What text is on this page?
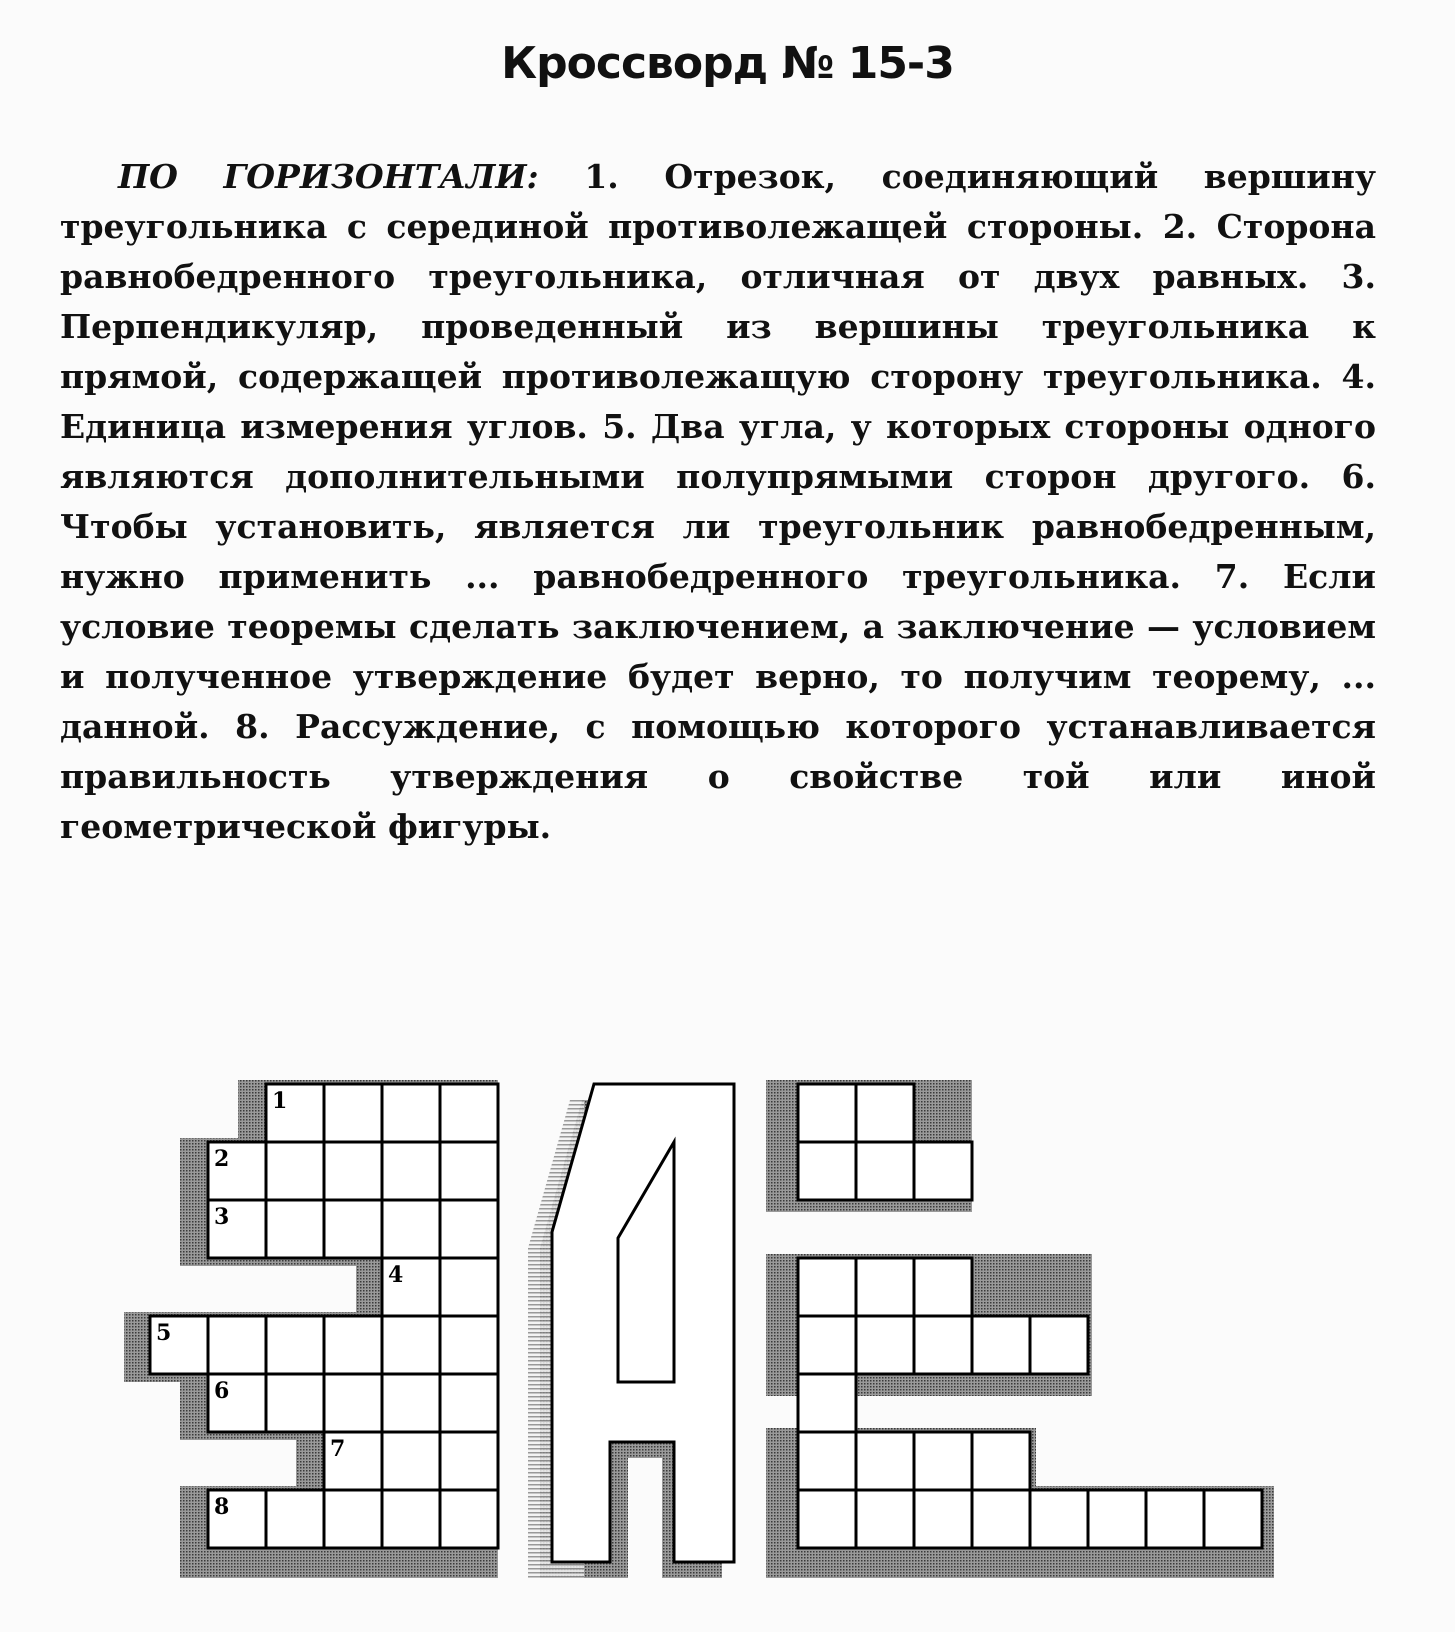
Кроссворд № 15-3
ПО ГОРИЗОНТАЛИ: 1. Отрезок, соединяющий вершину треугольника с серединой противолежащей стороны. 2. Сторона равнобедренного треугольника, отличная от двух равных. 3. Перпендикуляр, проведенный из вершины треугольника к прямой, содержащей противолежащую сторону треугольника. 4. Единица измерения углов. 5. Два угла, у которых стороны одного являются дополнительными полупрямыми сторон другого. 6. Чтобы установить, является ли треугольник равнобедренным, нужно применить ... равнобедренного треугольника. 7. Если условие теоремы сделать заключением, а заключение — условием и полученное утверждение будет верно, то получим теорему, ... данной. 8. Рассуждение, с помощью которого устанавливается правильность утверждения о свойстве той или иной геометрической фигуры.
1
2
3
4
5
6
7
8
